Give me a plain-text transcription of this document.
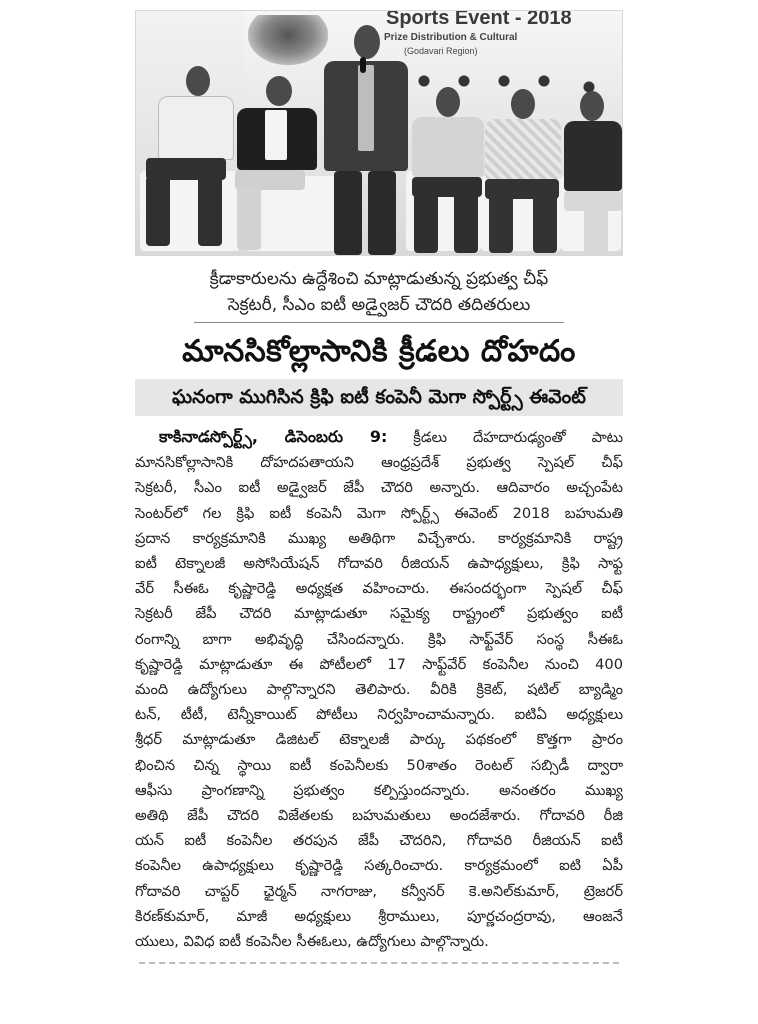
Sports Event - 2018
Prize Distribution & Cultural
(Godavari Region)
క్రీడాకారులను ఉద్దేశించి మాట్లాడుతున్న ప్రభుత్వ చీఫ్
సెక్రటరీ, సీఎం ఐటీ అడ్వైజర్ చౌదరి తదితరులు
మానసికోల్లాసానికి క్రీడలు దోహదం
ఘనంగా ముగిసిన క్రిఫి ఐటీ కంపెనీ మెగా స్పోర్ట్స్ ఈవెంట్
కాకినాడస్పోర్ట్స్, డిసెంబరు 9: క్రీడలు దేహదారుఢ్యంతో పాటు
మానసికోల్లాసానికి దోహదపతాయని ఆంధ్రప్రదేశ్ ప్రభుత్వ స్పెషల్ చీఫ్
సెక్రటరీ, సీఎం ఐటీ అడ్వైజర్ జేపీ చౌదరి అన్నారు. ఆదివారం అచ్చంపేట
సెంటర్‌లో గల క్రిఫి ఐటీ కంపెనీ మెగా స్పోర్ట్స్ ఈవెంట్ 2018 బహుమతి
ప్రదాన కార్యక్రమానికి ముఖ్య అతిథిగా విచ్చేశారు. కార్యక్రమానికి రాష్ట్ర
ఐటీ టెక్నాలజీ అసోసియేషన్ గోదావరి రీజియన్ ఉపాధ్యక్షులు, క్రిఫి సాఫ్ట
వేర్ సీఈఓ కృష్ణారెడ్డి అధ్యక్షత వహించారు. ఈసందర్భంగా స్పెషల్ చీఫ్
సెక్రటరీ జేపీ చౌదరి మాట్లాడుతూ సమైక్య రాష్ట్రంలో ప్రభుత్వం ఐటీ
రంగాన్ని బాగా అభివృద్ధి చేసిందన్నారు. క్రిఫి సాఫ్ట్‌వేర్ సంస్థ సీఈఓ
కృష్ణారెడ్డి మాట్లాడుతూ ఈ పోటీలలో 17 సాఫ్ట్‌వేర్ కంపెనీల నుంచి 400
మంది ఉద్యోగులు పాల్గొన్నారని తెలిపారు. వీరికి క్రికెట్, షటిల్ బ్యాడ్మిం
టన్, టీటీ, టెన్నీకాయిట్ పోటీలు నిర్వహించామన్నారు. ఐటిఏ అధ్యక్షులు
శ్రీధర్ మాట్లాడుతూ డిజిటల్ టెక్నాలజీ పార్కు పథకంలో కొత్తగా ప్రారం
భించిన చిన్న స్థాయి ఐటీ కంపెనీలకు 50శాతం రెంటల్ సబ్సిడీ ద్వారా
ఆఫీసు ప్రాంగణాన్ని ప్రభుత్వం కల్పిస్తుందన్నారు. అనంతరం ముఖ్య
అతిథి జేపీ చౌదరి విజేతలకు బహుమతులు అందజేశారు. గోదావరి రీజి
యన్ ఐటీ కంపెనీల తరపున జేపీ చౌదరిని, గోదావరి రీజియన్ ఐటీ
కంపెనీల ఉపాధ్యక్షులు కృష్ణారెడ్డి సత్కరించారు. కార్యక్రమంలో ఐటి ఏపీ
గోదావరి చాప్టర్ ఛైర్మన్ నాగరాజు, కన్వీనర్ కె.అనిల్‌కుమార్, ట్రెజరర్
కిరణ్‌కుమార్, మాజీ అధ్యక్షులు శ్రీరాములు, పూర్ణచంద్రరావు, ఆంజనే
యులు, వివిధ ఐటీ కంపెనీల సీఈఓలు, ఉద్యోగులు పాల్గొన్నారు.
